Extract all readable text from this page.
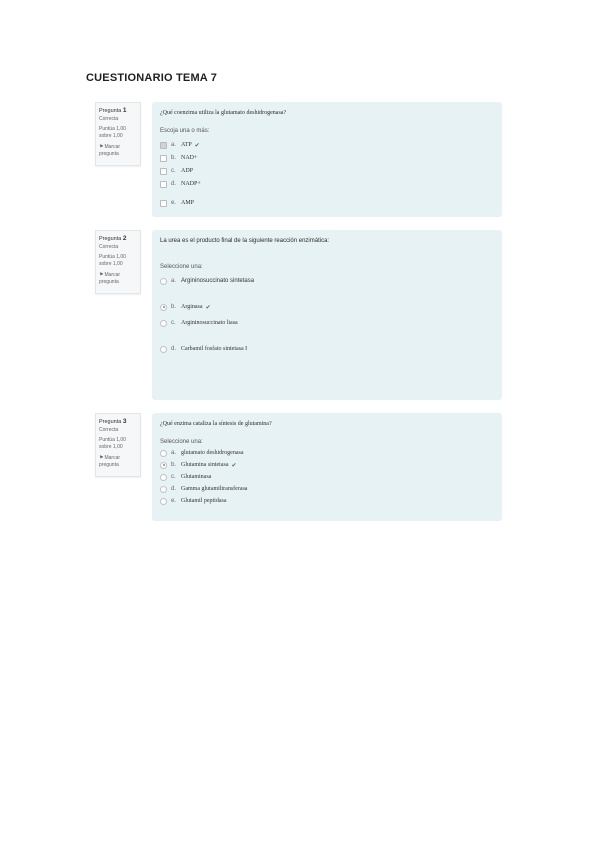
CUESTIONARIO TEMA 7
Pregunta 1
Correcta
Puntúa 1,00
sobre 1,00
⚑Marcar pregunta
¿Qué coenzima utiliza la glutamato deshidrogenasa?
Escoja una o más:
a. ATP ✔
b. NAD+
c. ADP
d. NADP+
e. AMP
Pregunta 2
Correcta
Puntúa 1,00
sobre 1,00
⚑Marcar pregunta
La urea es el producto final de la siguiente reacción enzimática:
Seleccione una:
a. Argininosuccinato sintetasa
b. Arginasa ✔
c. Argininosuccinato liasa
d. Carbamil fosfato sintetasa I
Pregunta 3
Correcta
Puntúa 1,00
sobre 1,00
⚑Marcar pregunta
¿Qué enzima cataliza la síntesis de glutamina?
Seleccione una:
a. glutamato deshidrogenasa
b. Glutamina sintetasa ✔
c. Glutaminasa
d. Gamma glutamiltransferasa
e. Glutamil peptidasa
